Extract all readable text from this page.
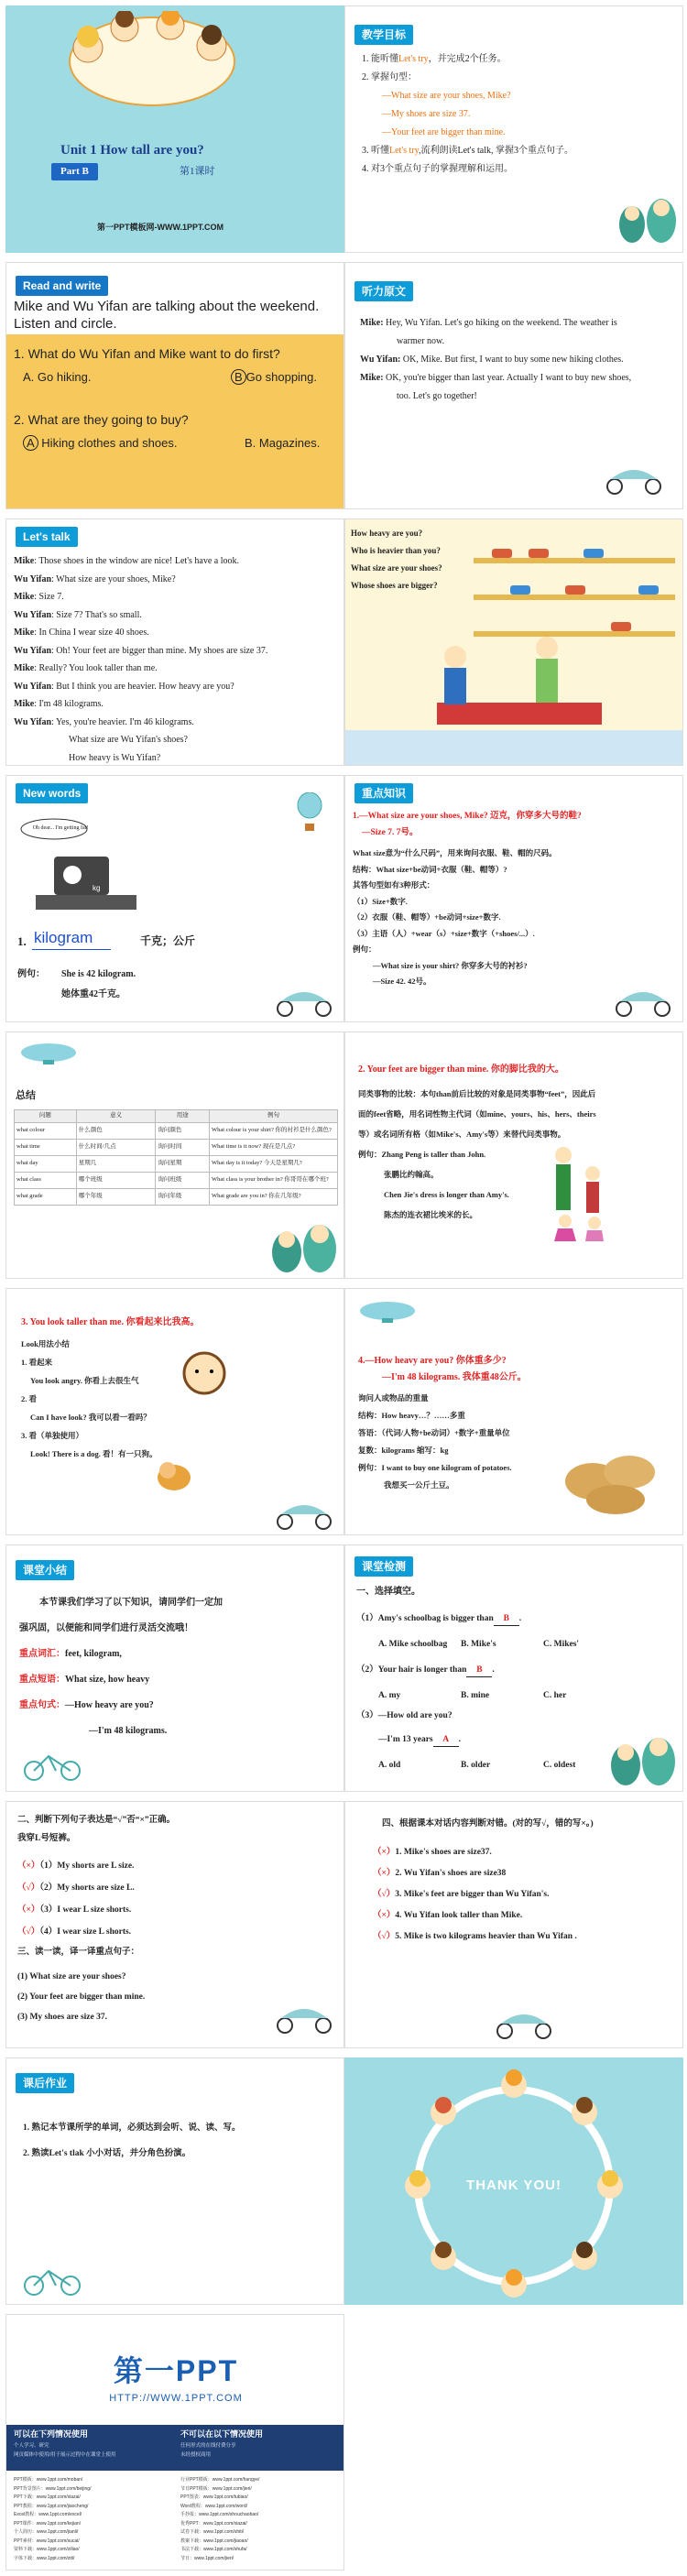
Unit 1 How tall are you?
Part B	第1课时
第一PPT模板网-WWW.1PPT.COM
教学目标
1. 能听懂Let's try，并完成2个任务。
2. 掌握句型：
—What size are your shoes, Mike?
—My shoes are size 37.
—Your feet are bigger than mine.
3. 听懂Let's try,流利朗读Let's talk, 掌握3个重点句子。
4. 对3个重点句子的掌握理解和运用。
Read and write
Mike and Wu Yifan are talking about the weekend. Listen and circle.
1. What do Wu Yifan and Mike want to do first?
A. Go hiking.	B Go shopping.
2. What are they going to buy?
A Hiking clothes and shoes.	B. Magazines.
听力原文
Mike: Hey, Wu Yifan. Let's go hiking on the weekend. The weather is warmer now.
Wu Yifan: OK, Mike. But first, I want to buy some new hiking clothes.
Mike: OK, you're bigger than last year. Actually I want to buy new shoes, too. Let's go together!
Let's talk
Mike: Those shoes in the window are nice! Let's have a look.
Wu Yifan: What size are your shoes, Mike?
Mike: Size 7.
Wu Yifan: Size 7? That's so small.
Mike: In China I wear size 40 shoes.
Wu Yifan: Oh! Your feet are bigger than mine. My shoes are size 37.
Mike: Really? You look taller than me.
Wu Yifan: But I think you are heavier. How heavy are you?
Mike: I'm 48 kilograms.
Wu Yifan: Yes, you're heavier. I'm 46 kilograms.
What size are Wu Yifan's shoes?
How heavy is Wu Yifan?
How heavy are you?
Who is heavier than you?
What size are your shoes?
Whose shoes are bigger?
New words
Oh dear... I'm getting fat!
kg
1. kilogram	千克；公斤
例句： She is 42 kilogram.
她体重42千克。
重点知识
1.—What size are your shoes, Mike? 迈克，你穿多大号的鞋?
—Size 7. 7号。
What size意为“什么尺码”，用来询问衣服、鞋、帽的尺码。
结构：What size+be动词+衣服（鞋、帽等）?
其答句型如有3种形式：
（1）Size+数字.
（2）衣服（鞋、帽等）+be动词+size+数字.
（3）主语（人）+wear（s）+size+数字（+shoes/...）.
例句：
—What size is your shirt? 你穿多大号的衬衫?
—Size 42. 42号。
总结
问题	意义	用途	例句
what colour	什么颜色	询问颜色	What colour is your shirt? 你的衬衫是什么颜色?
what time	什么时间/几点	询问时间	What time is it now? 现在是几点?
what day	星期几	询问星期	What day is it today? 今天是星期几?
what class	哪个班级	询问班级	What class is your brother in? 你哥哥在哪个班?
what grade	哪个年级	询问年级	What grade are you in? 你在几年级?
2. Your feet are bigger than mine. 你的脚比我的大。
同类事物的比较：本句than前后比较的对象是同类事物“feet”，因此后
面的feet省略，用名词性物主代词（如mine、yours、his、hers、theirs
等）或名词所有格（如Mike's、Amy's等）来替代问类事物。
例句：Zhang Peng is taller than John.
张鹏比约翰高。
Chen Jie's dress is longer than Amy's.
陈杰的连衣裙比埃米的长。
3. You look taller than me. 你看起来比我高。
Look用法小结
1. 看起来
You look angry. 你看上去很生气
2. 看
Can I have look? 我可以看一看吗？
3. 看（单独使用）
Look! There is a dog. 看！有一只狗。
4.—How heavy are you? 你体重多少?
—I'm 48 kilograms. 我体重48公斤。
询问人或物品的重量
结构：How heavy…？……多重
答语：（代词/人物+be动词）+数字+重量单位
复数：kilograms 缩写：kg
例句：I want to buy one kilogram of potatoes.
我想买一公斤土豆。
课堂小结
本节课我们学习了以下知识，请同学们一定加
强巩固，以便能和同学们进行灵活交流哦！
重点词汇：feet, kilogram,
重点短语：What size, how heavy
重点句式：—How heavy are you?
—I'm 48 kilograms.
课堂检测
一、选择填空。
（1）Amy's schoolbag is bigger than B .
A. Mike schoolbag B. Mike's	C. Mikes'
（2）Your hair is longer than B .
A. my	B. mine	C. her
（3）—How old are you?
—I'm 13 years A .
A. old	B. older	C. oldest
二、判断下列句子表达是“√”否“×”正确。
我穿L号短裤。
（×）（1）My shorts are L size.
（√）（2）My shorts are size L.
（×）（3）I wear L size shorts.
（√）（4）I wear size L shorts.
三、读一读，译一译重点句子：
(1) What size are your shoes?
(2) Your feet are bigger than mine.
(3) My shoes are size 37.
四、根据课本对话内容判断对错。(对的写√，错的写×。)
（×）1. Mike's shoes are size37.
（×）2. Wu Yifan's shoes are size38
（√）3. Mike's feet are bigger than Wu Yifan's.
（×）4. Wu Yifan look taller than Mike.
（√）5. Mike is two kilograms heavier than Wu Yifan .
课后作业
1. 熟记本节课所学的单词，必须达到会听、说、读、写。
2. 熟读Let's tlak 小小对话，并分角色扮演。
THANK YOU!
第一PPT
HTTP://WWW.1PPT.COM
可以在下列情况使用
个人学习、研究
网页媒体中使用/用于展示过程中在课堂上使用
不可以在以下情况使用
任何形式的在线付费分享
未经授权商用
PPT模板：www.1ppt.com/moban/
PPT背景图片：www.1ppt.com/beijing/
PPT下载：www.1ppt.com/xiazai/
PPT教程：www.1ppt.com/jiaocheng/
Excel教程：www.1ppt.com/excel/
PPT课件：www.1ppt.com/kejian/
个人简历：www.1ppt.com/jianli/
PPT素材：www.1ppt.com/sucai/
资料下载：www.1ppt.com/ziliao/
字体下载：www.1ppt.com/ziti/
行业PPT模板：www.1ppt.com/hangye/
节日PPT模板：www.1ppt.com/jieri/
PPT图表：www.1ppt.com/tubiao/
Word教程：www.1ppt.com/word/
手抄报：www.1ppt.com/shouchaobao/
优秀PPT：www.1ppt.com/xiazai/
试卷下载：www.1ppt.com/shiti/
教案下载：www.1ppt.com/jiaoan/
书法下载：www.1ppt.com/shufa/
节日：www.1ppt.com/jieri/
